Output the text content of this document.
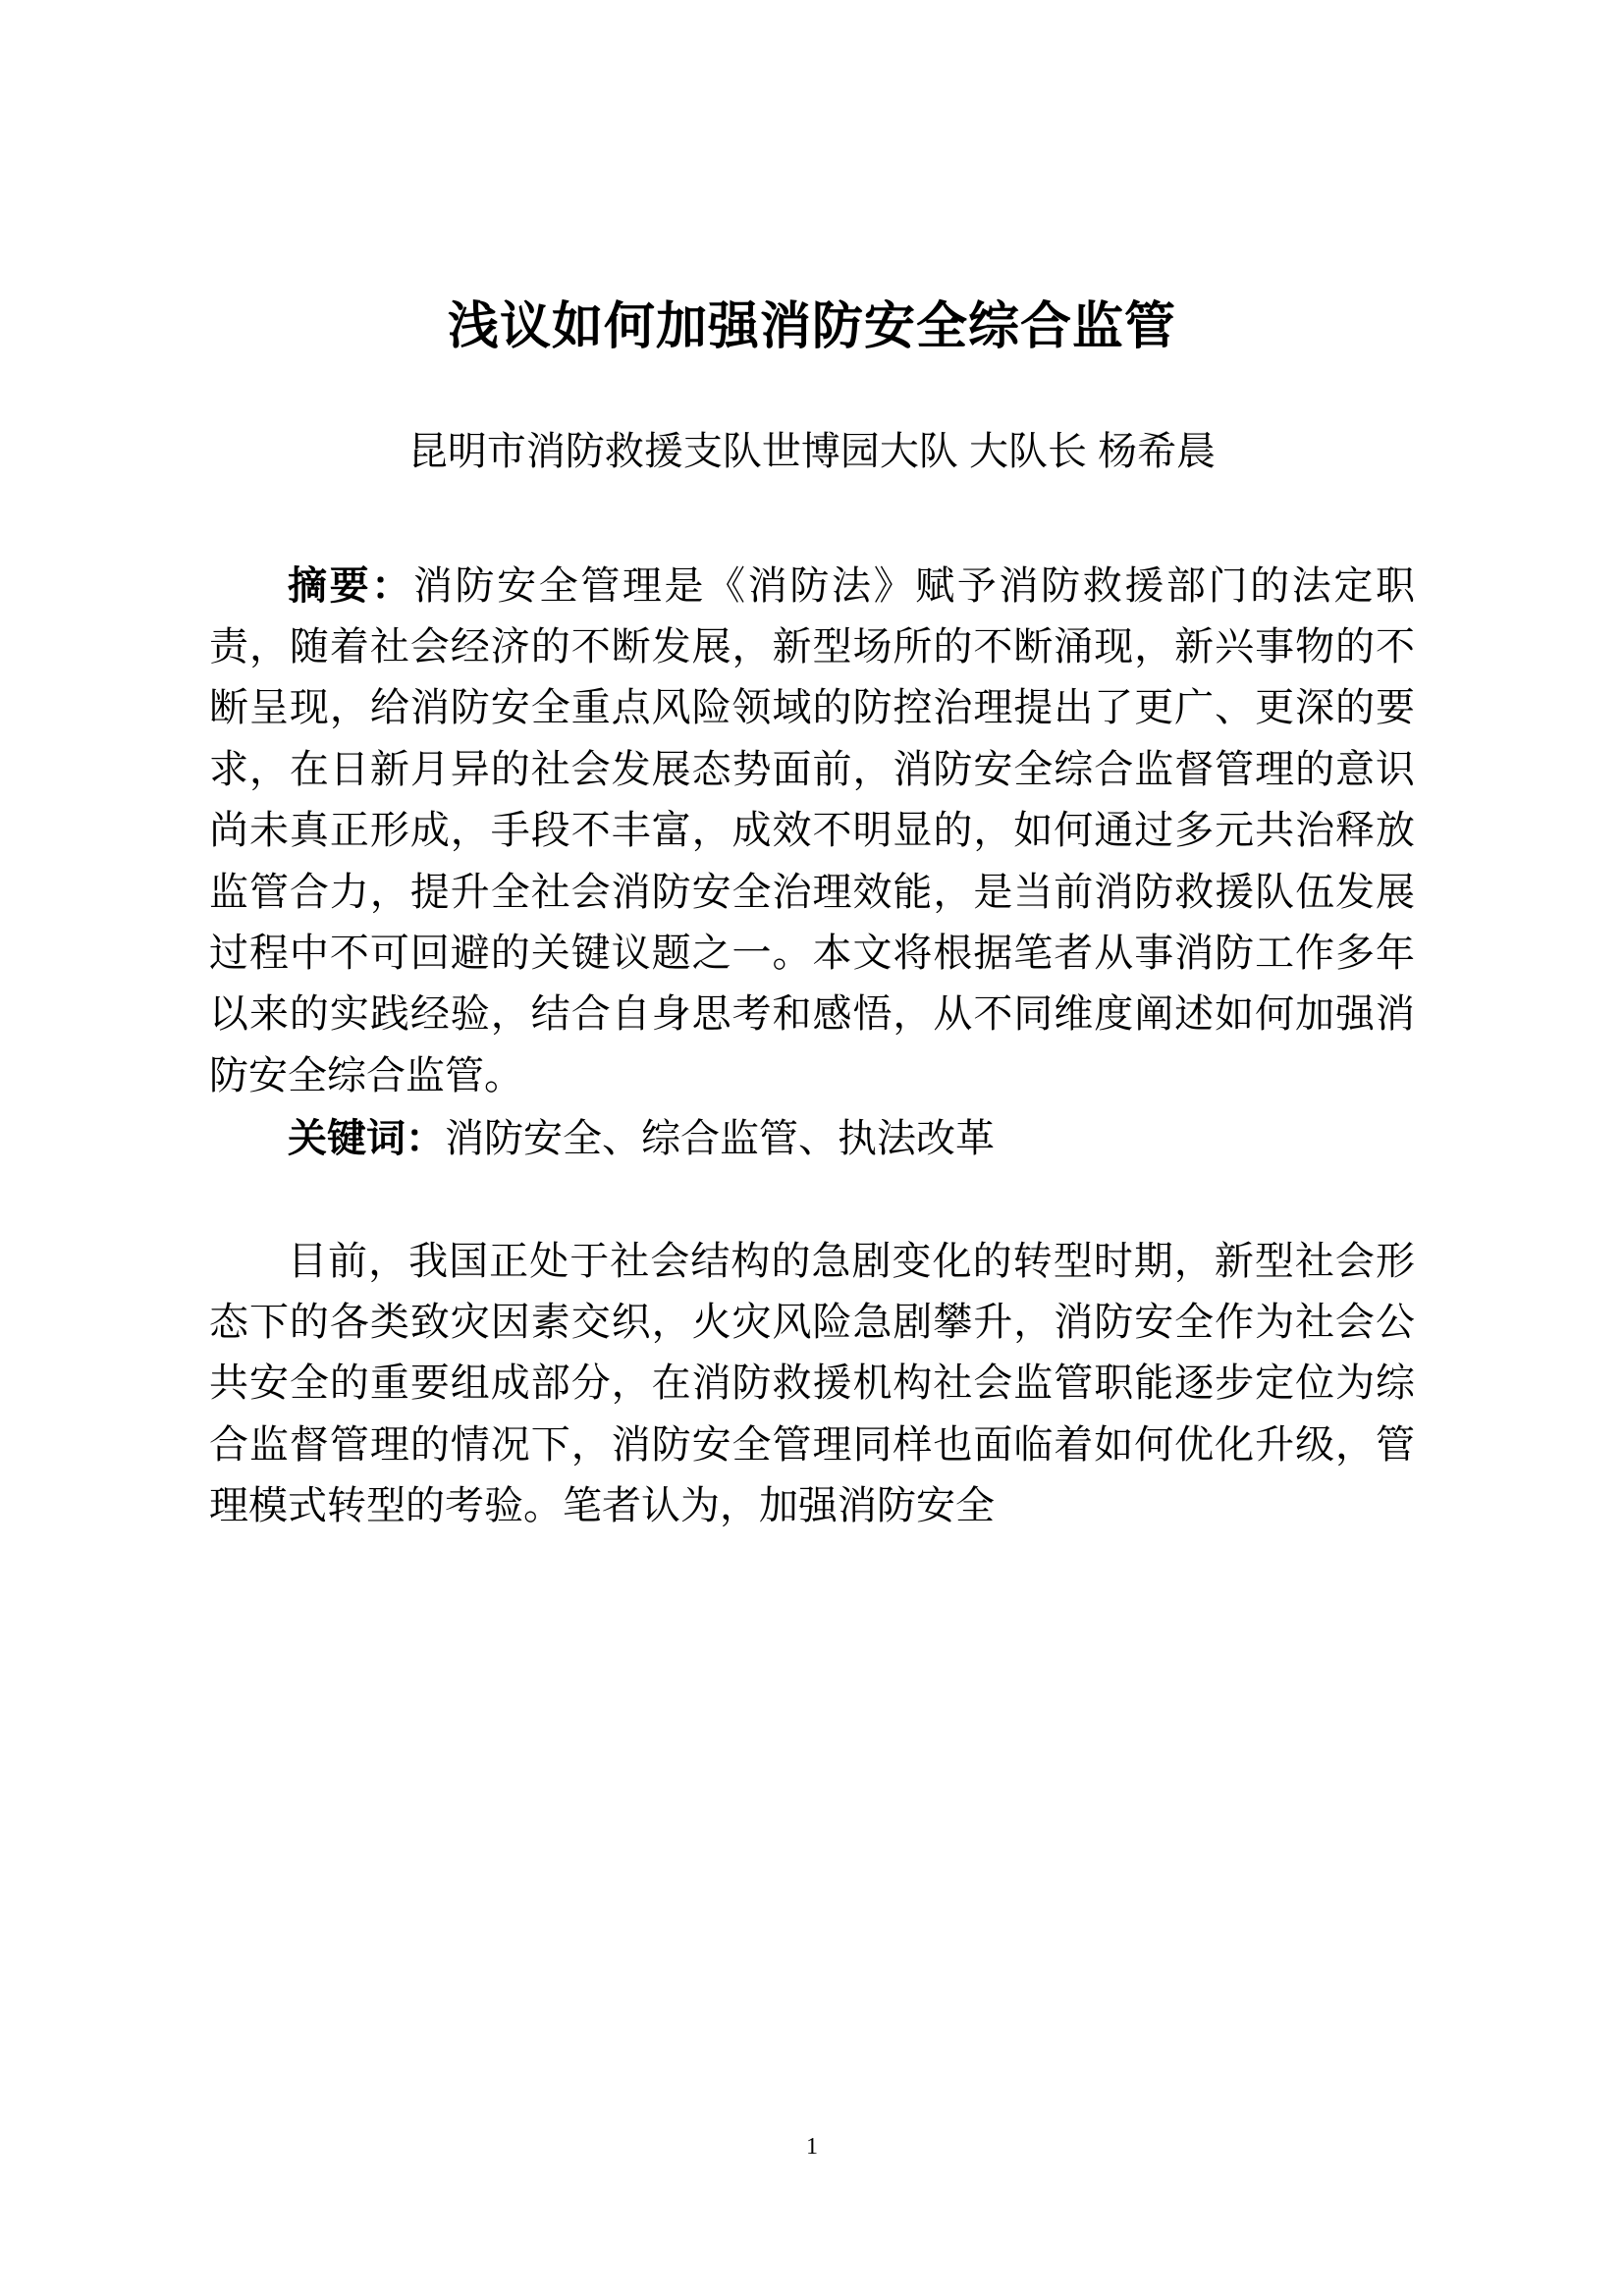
浅议如何加强消防安全综合监管
昆明市消防救援支队世博园大队 大队长 杨希晨

摘要：消防安全管理是《消防法》赋予消防救援部门的法定职责，随着社会经济的不断发展，新型场所的不断涌现，新兴事物的不断呈现，给消防安全重点风险领域的防控治理提出了更广、更深的要求，在日新月异的社会发展态势面前，消防安全综合监督管理的意识尚未真正形成，手段不丰富，成效不明显的，如何通过多元共治释放监管合力，提升全社会消防安全治理效能，是当前消防救援队伍发展过程中不可回避的关键议题之一。本文将根据笔者从事消防工作多年以来的实践经验，结合自身思考和感悟，从不同维度阐述如何加强消防安全综合监管。

关键词：消防安全、综合监管、执法改革

目前，我国正处于社会结构的急剧变化的转型时期，新型社会形态下的各类致灾因素交织，火灾风险急剧攀升，消防安全作为社会公共安全的重要组成部分，在消防救援机构社会监管职能逐步定位为综合监督管理的情况下，消防安全管理同样也面临着如何优化升级，管理模式转型的考验。笔者认为，加强消防安全

1
